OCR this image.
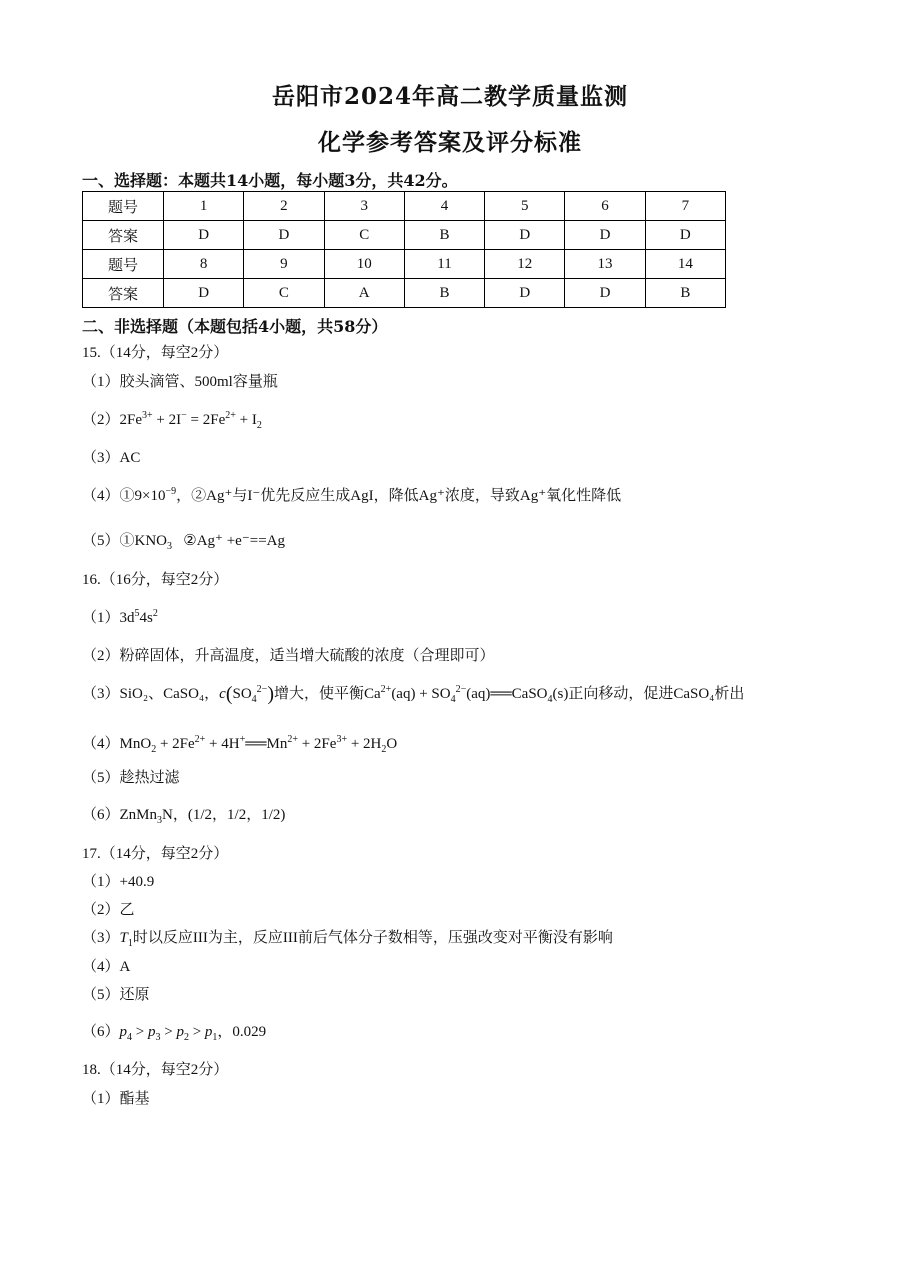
岳阳市2024年高二教学质量监测
化学参考答案及评分标准
一、选择题：本题共14小题，每小题3分，共42分。
题号	1	2	3	4	5	6	7
答案	D	D	C	B	D	D	D
题号	8	9	10	11	12	13	14
答案	D	C	A	B	D	D	B
二、非选择题（本题包括4小题，共58分）
15.（14分，每空2分）
（1）胶头滴管、500ml容量瓶
$(2)2Fe^{3+} + 2I^- = 2Fe^{2+} + I_2$
（3）AC
$(4)①9\times 10^{-9}$，②Ag⁺与I⁻优先反应生成AgI，降低Ag⁺浓度，导致Ag⁺氧化性降低
$(5)①KNO_3$ ②Ag⁺ +e⁻==Ag
16.（16分，每空2分）
$(1)3d^54s^2$
（2）粉碎固体，升高温度，适当增大硫酸的浓度（合理即可）
（3）SiO₂、CaSO₄，$c(SO_4^{2-})$增大，使平衡$Ca^{2+}(aq)$ + $SO_4^{2-}(aq)══CaSO_4(s)$正向移动，促进CaSO₄析出
$(4)MnO_2 + 2Fe^{2+}$ + $4H^+══Mn^{2+} + 2Fe^{3+} + 2H_2O$
（5）趁热过滤
（6）ZnMn$_3$N，(1/2，1/2，1/2)
17.（14分，每空2分）
（1）+40.9
（2）乙
$(3)T_1$时以反应III为主，反应III前后气体分子数相等，压强改变对平衡没有影响
（4）A
（5）还原
$(6)p_4 > p_3 > p_2 > p_1$，0.029
18.（14分，每空2分）
（1）酯基
